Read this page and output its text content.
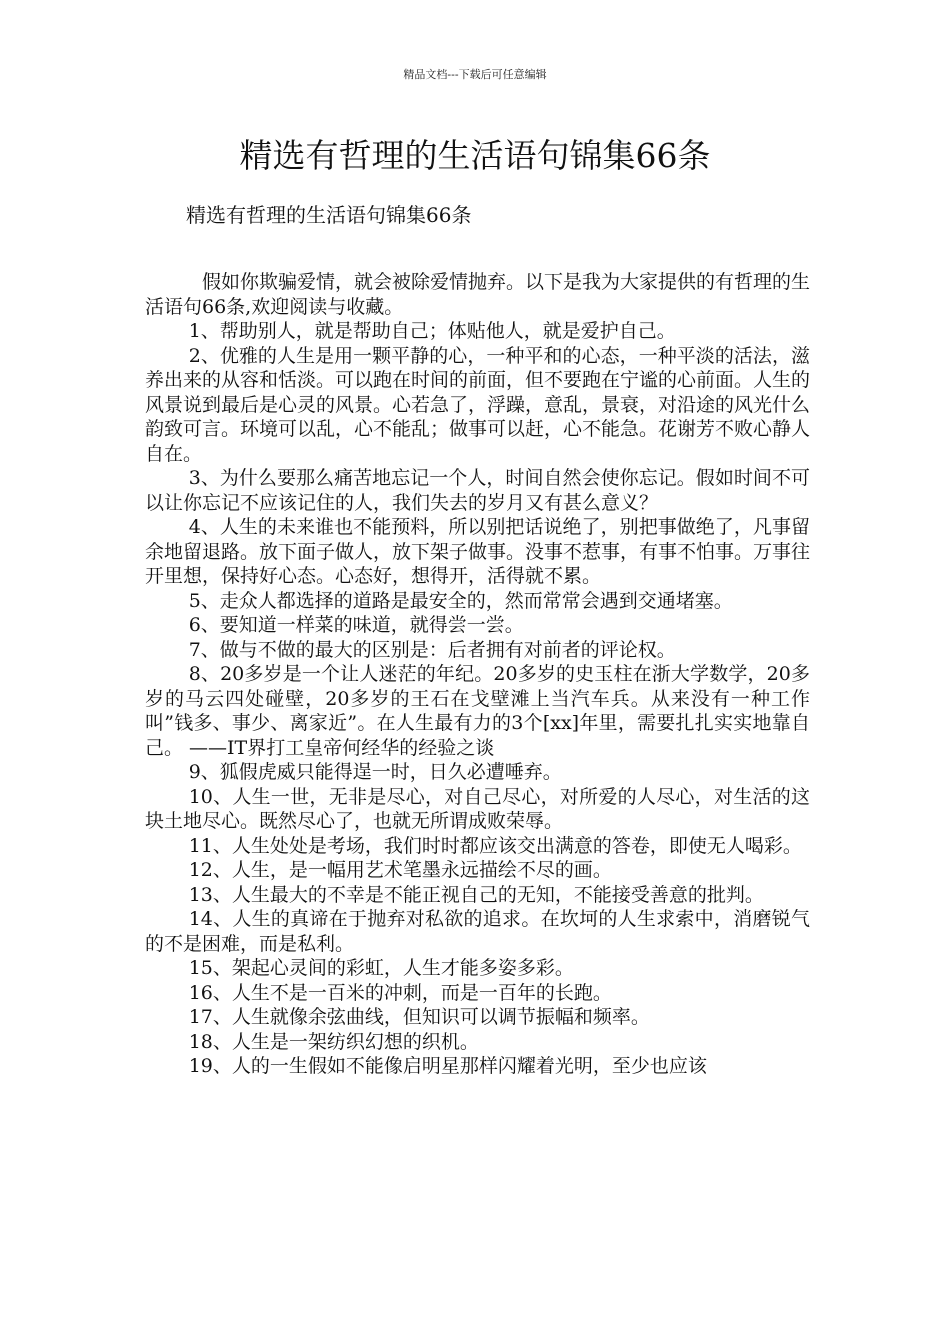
精品文档---下载后可任意编辑
精选有哲理的生活语句锦集66条

精选有哲理的生活语句锦集66条

假如你欺骗爱情，就会被除爱情抛弃。以下是我为大家提供的有哲理的生活语句66条,欢迎阅读与收藏。

1、帮助别人，就是帮助自己；体贴他人，就是爱护自己。

2、优雅的人生是用一颗平静的心，一种平和的心态，一种平淡的活法，滋养出来的从容和恬淡。可以跑在时间的前面，但不要跑在宁谧的心前面。人生的风景说到最后是心灵的风景。心若急了，浮躁，意乱，景衰，对沿途的风光什么韵致可言。环境可以乱，心不能乱；做事可以赶，心不能急。花谢芳不败心静人自在。

3、为什么要那么痛苦地忘记一个人，时间自然会使你忘记。假如时间不可以让你忘记不应该记住的人，我们失去的岁月又有甚么意义？

4、人生的未来谁也不能预料，所以别把话说绝了，别把事做绝了，凡事留余地留退路。放下面子做人，放下架子做事。没事不惹事，有事不怕事。万事往开里想，保持好心态。心态好，想得开，活得就不累。

5、走众人都选择的道路是最安全的，然而常常会遇到交通堵塞。

6、要知道一样菜的味道，就得尝一尝。

7、做与不做的最大的区别是：后者拥有对前者的评论权。

8、20多岁是一个让人迷茫的年纪。20多岁的史玉柱在浙大学数学，20多岁的马云四处碰壁，20多岁的王石在戈壁滩上当汽车兵。从来没有一种工作叫”钱多、事少、离家近”。在人生最有力的3个[xx]年里，需要扎扎实实地靠自己。 ——IT界打工皇帝何经华的经验之谈

9、狐假虎威只能得逞一时，日久必遭唾弃。

10、人生一世，无非是尽心，对自己尽心，对所爱的人尽心，对生活的这块土地尽心。既然尽心了，也就无所谓成败荣辱。

11、人生处处是考场，我们时时都应该交出满意的答卷，即使无人喝彩。

12、人生，是一幅用艺术笔墨永远描绘不尽的画。

13、人生最大的不幸是不能正视自己的无知，不能接受善意的批判。

14、人生的真谛在于抛弃对私欲的追求。在坎坷的人生求索中，消磨锐气的不是困难，而是私利。

15、架起心灵间的彩虹，人生才能多姿多彩。

16、人生不是一百米的冲刺，而是一百年的长跑。

17、人生就像余弦曲线，但知识可以调节振幅和频率。

18、人生是一架纺织幻想的织机。

19、人的一生假如不能像启明星那样闪耀着光明，至少也应该
